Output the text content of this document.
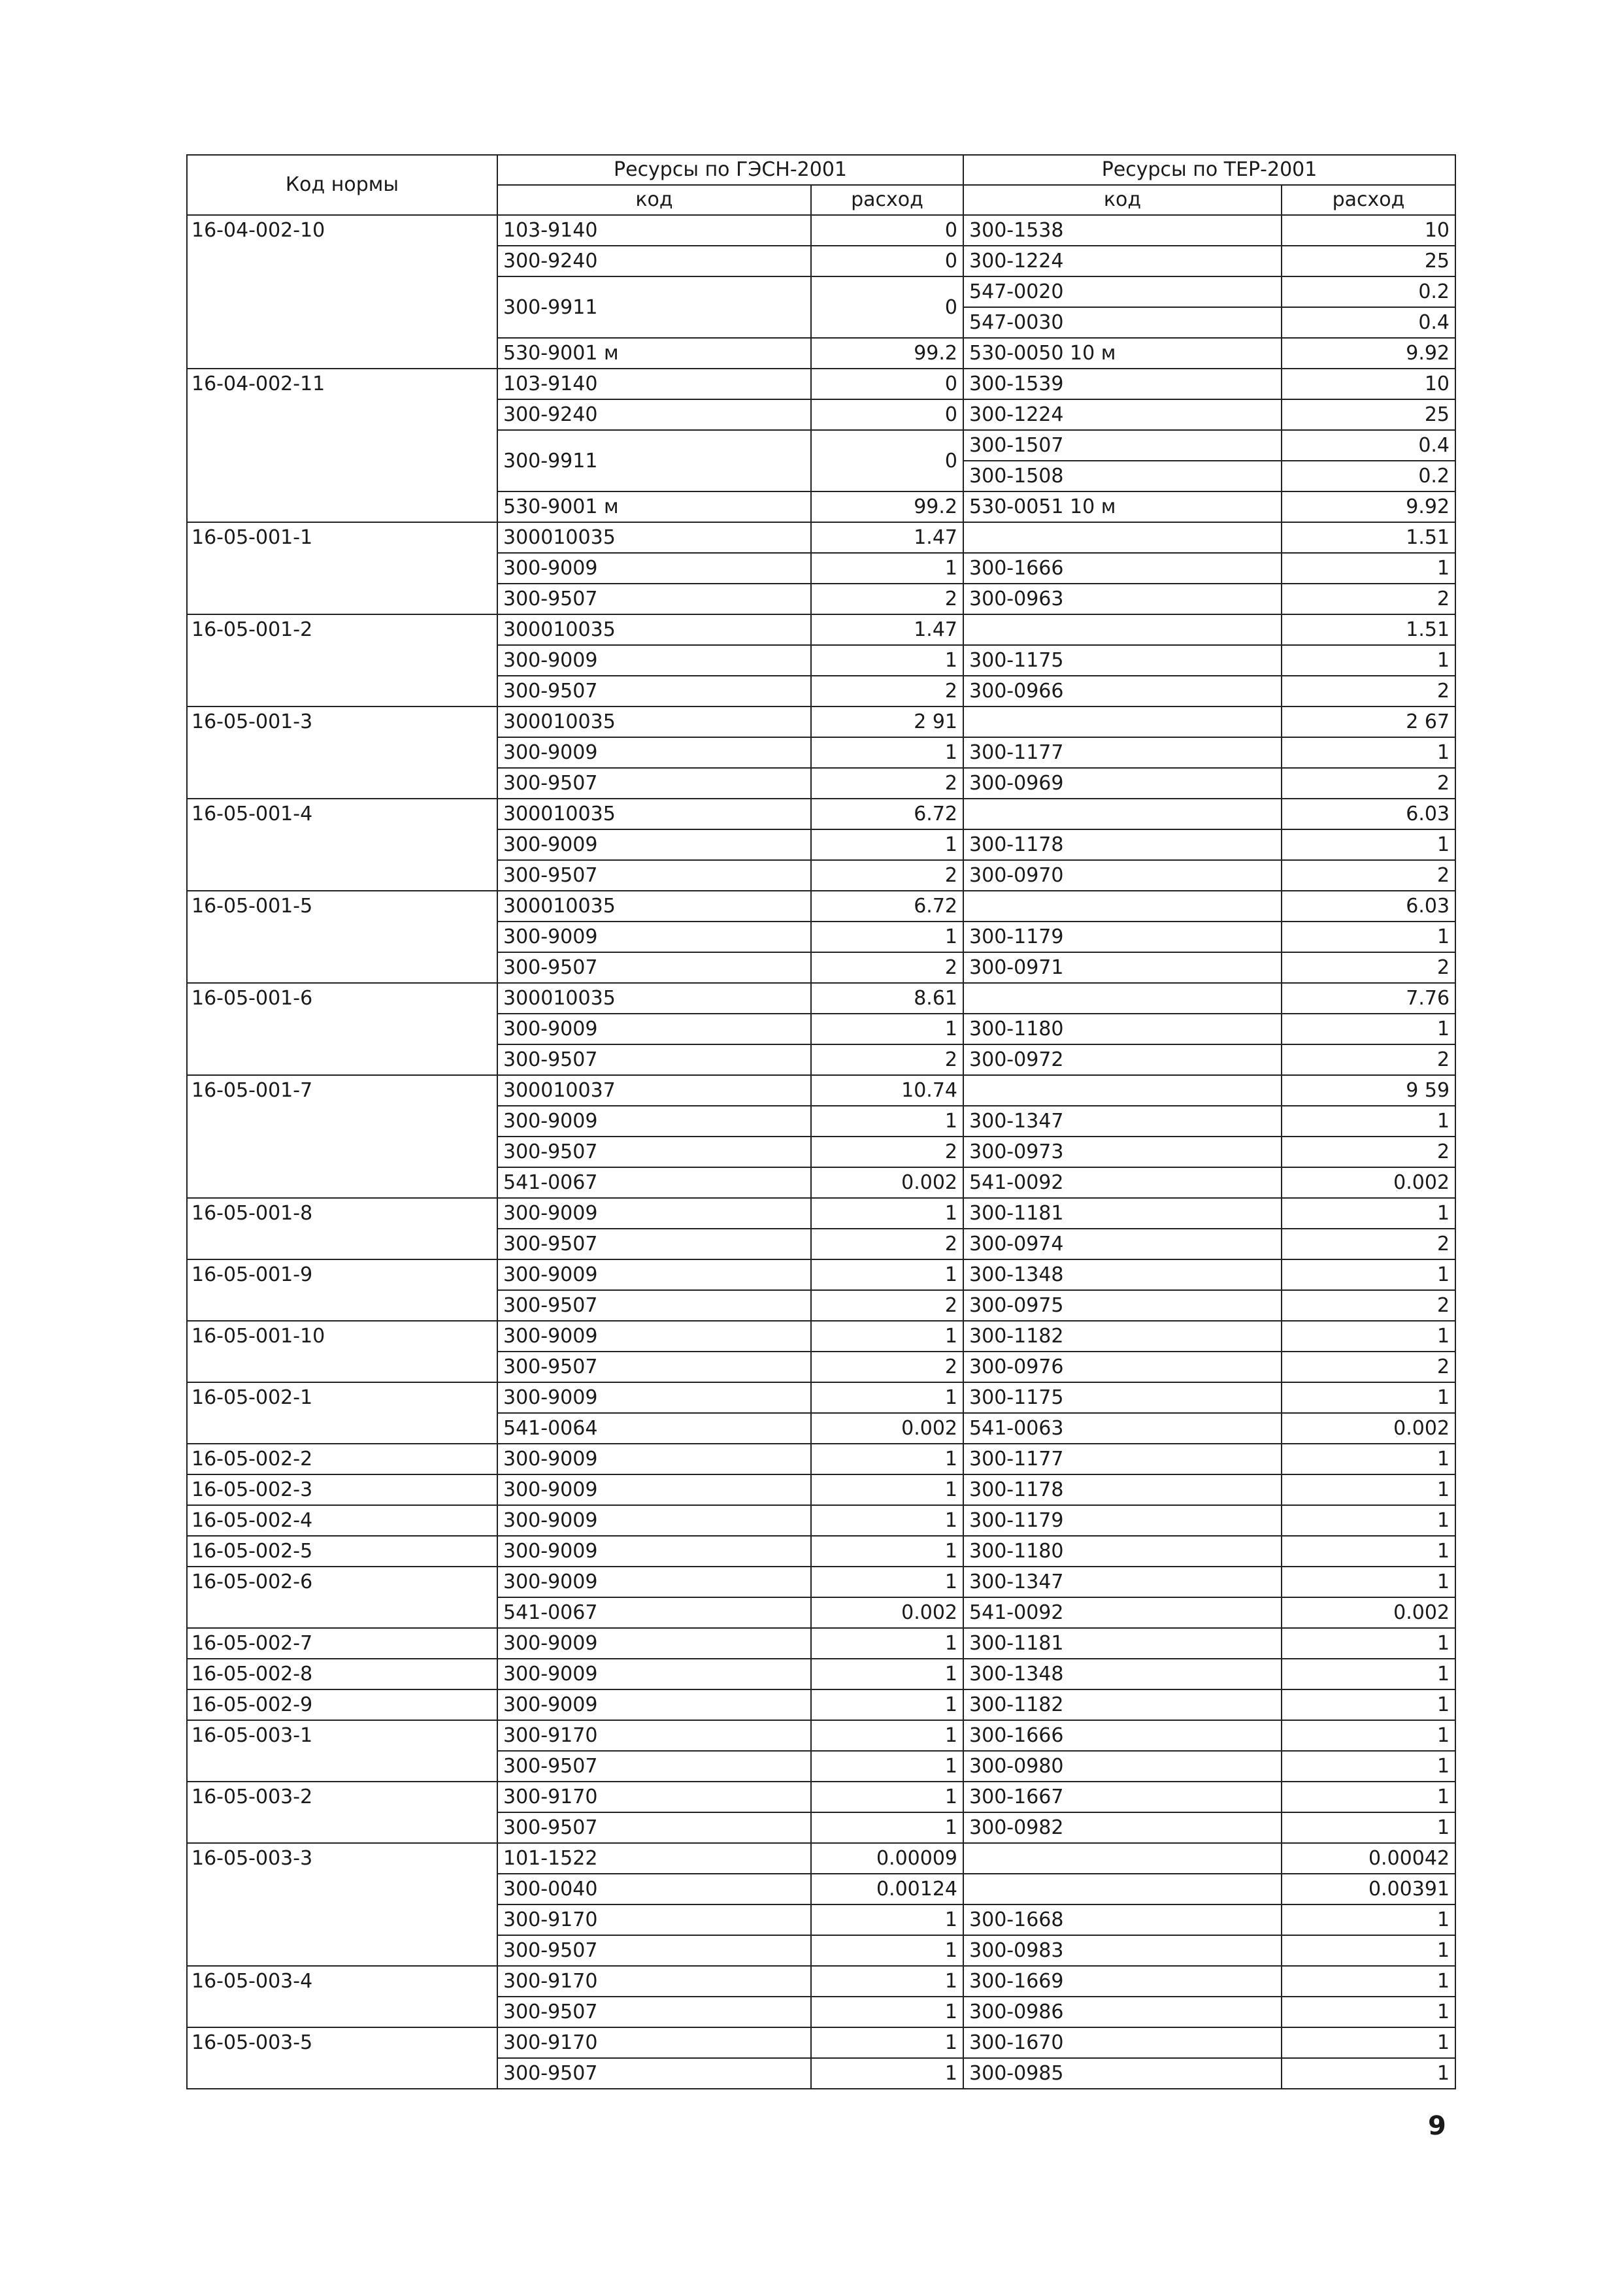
Код нормы	Ресурсы по ГЭСН-2001		Ресурсы по ТЕР-2001	
	код	расход	код	расход
16-04-002-10	103-9140	0	300-1538	10
	300-9240	0	300-1224	25
	300-9911	0	547-0020	0.2
			547-0030	0.4
	530-9001 м	99.2	530-0050 10 м	9.92
16-04-002-11	103-9140	0	300-1539	10
	300-9240	0	300-1224	25
	300-9911	0	300-1507	0.4
			300-1508	0.2
	530-9001 м	99.2	530-0051 10 м	9.92
16-05-001-1	300010035	1.47		1.51
	300-9009	1	300-1666	1
	300-9507	2	300-0963	2
16-05-001-2	300010035	1.47		1.51
	300-9009	1	300-1175	1
	300-9507	2	300-0966	2
16-05-001-3	300010035	2 91		2 67
	300-9009	1	300-1177	1
	300-9507	2	300-0969	2
16-05-001-4	300010035	6.72		6.03
	300-9009	1	300-1178	1
	300-9507	2	300-0970	2
16-05-001-5	300010035	6.72		6.03
	300-9009	1	300-1179	1
	300-9507	2	300-0971	2
16-05-001-6	300010035	8.61		7.76
	300-9009	1	300-1180	1
	300-9507	2	300-0972	2
16-05-001-7	300010037	10.74		9 59
	300-9009	1	300-1347	1
	300-9507	2	300-0973	2
	541-0067	0.002	541-0092	0.002
16-05-001-8	300-9009	1	300-1181	1
	300-9507	2	300-0974	2
16-05-001-9	300-9009	1	300-1348	1
	300-9507	2	300-0975	2
16-05-001-10	300-9009	1	300-1182	1
	300-9507	2	300-0976	2
16-05-002-1	300-9009	1	300-1175	1
	541-0064	0.002	541-0063	0.002
16-05-002-2	300-9009	1	300-1177	1
16-05-002-3	300-9009	1	300-1178	1
16-05-002-4	300-9009	1	300-1179	1
16-05-002-5	300-9009	1	300-1180	1
16-05-002-6	300-9009	1	300-1347	1
	541-0067	0.002	541-0092	0.002
16-05-002-7	300-9009	1	300-1181	1
16-05-002-8	300-9009	1	300-1348	1
16-05-002-9	300-9009	1	300-1182	1
16-05-003-1	300-9170	1	300-1666	1
	300-9507	1	300-0980	1
16-05-003-2	300-9170	1	300-1667	1
	300-9507	1	300-0982	1
16-05-003-3	101-1522	0.00009		0.00042
	300-0040	0.00124		0.00391
	300-9170	1	300-1668	1
	300-9507	1	300-0983	1
16-05-003-4	300-9170	1	300-1669	1
	300-9507	1	300-0986	1
16-05-003-5	300-9170	1	300-1670	1
	300-9507	1	300-0985	1
9
